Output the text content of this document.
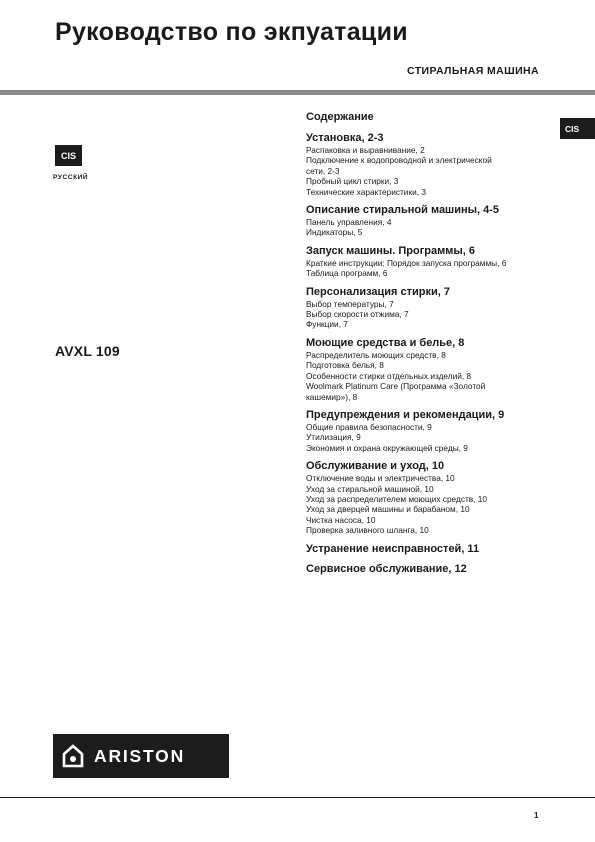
Руководство по экпуатации
СТИРАЛЬНАЯ МАШИНА
CIS
РУССКИЙ
CIS
AVXL 109
Содержание
Установка, 2-3
Распаковка и выравнивание, 2
Подключение к водопроводной и электрической
сети, 2-3
Пробный цикл стирки, 3
Технические характеристики, 3
Описание стиральной машины, 4-5
Панель управления, 4
Индикаторы, 5
Запуск машины. Программы, 6
Краткие инструкции: Порядок запуска программы, 6
Таблица программ, 6
Персонализация стирки, 7
Выбор температуры, 7
Выбор скорости отжима, 7
Функции, 7
Моющие средства и белье, 8
Распределитель моющих средств, 8
Подготовка белья, 8
Особенности стирки отдельных изделий, 8
Woolmark Platinum Care (Программа «Золотой
кашемир»), 8
Предупреждения и рекомендации, 9
Общие правила безопасности, 9
Утилизация, 9
Экономия и охрана окружающей среды, 9
Обслуживание и уход, 10
Отключение воды и электричества, 10
Уход за стиральной машиной, 10
Уход за распределителем моющих средств, 10
Уход за дверцей машины и барабаном, 10
Чистка насоса, 10
Проверка заливного шланга, 10
Устранение неисправностей, 11
Сервисное обслуживание, 12
ARISTON
1
